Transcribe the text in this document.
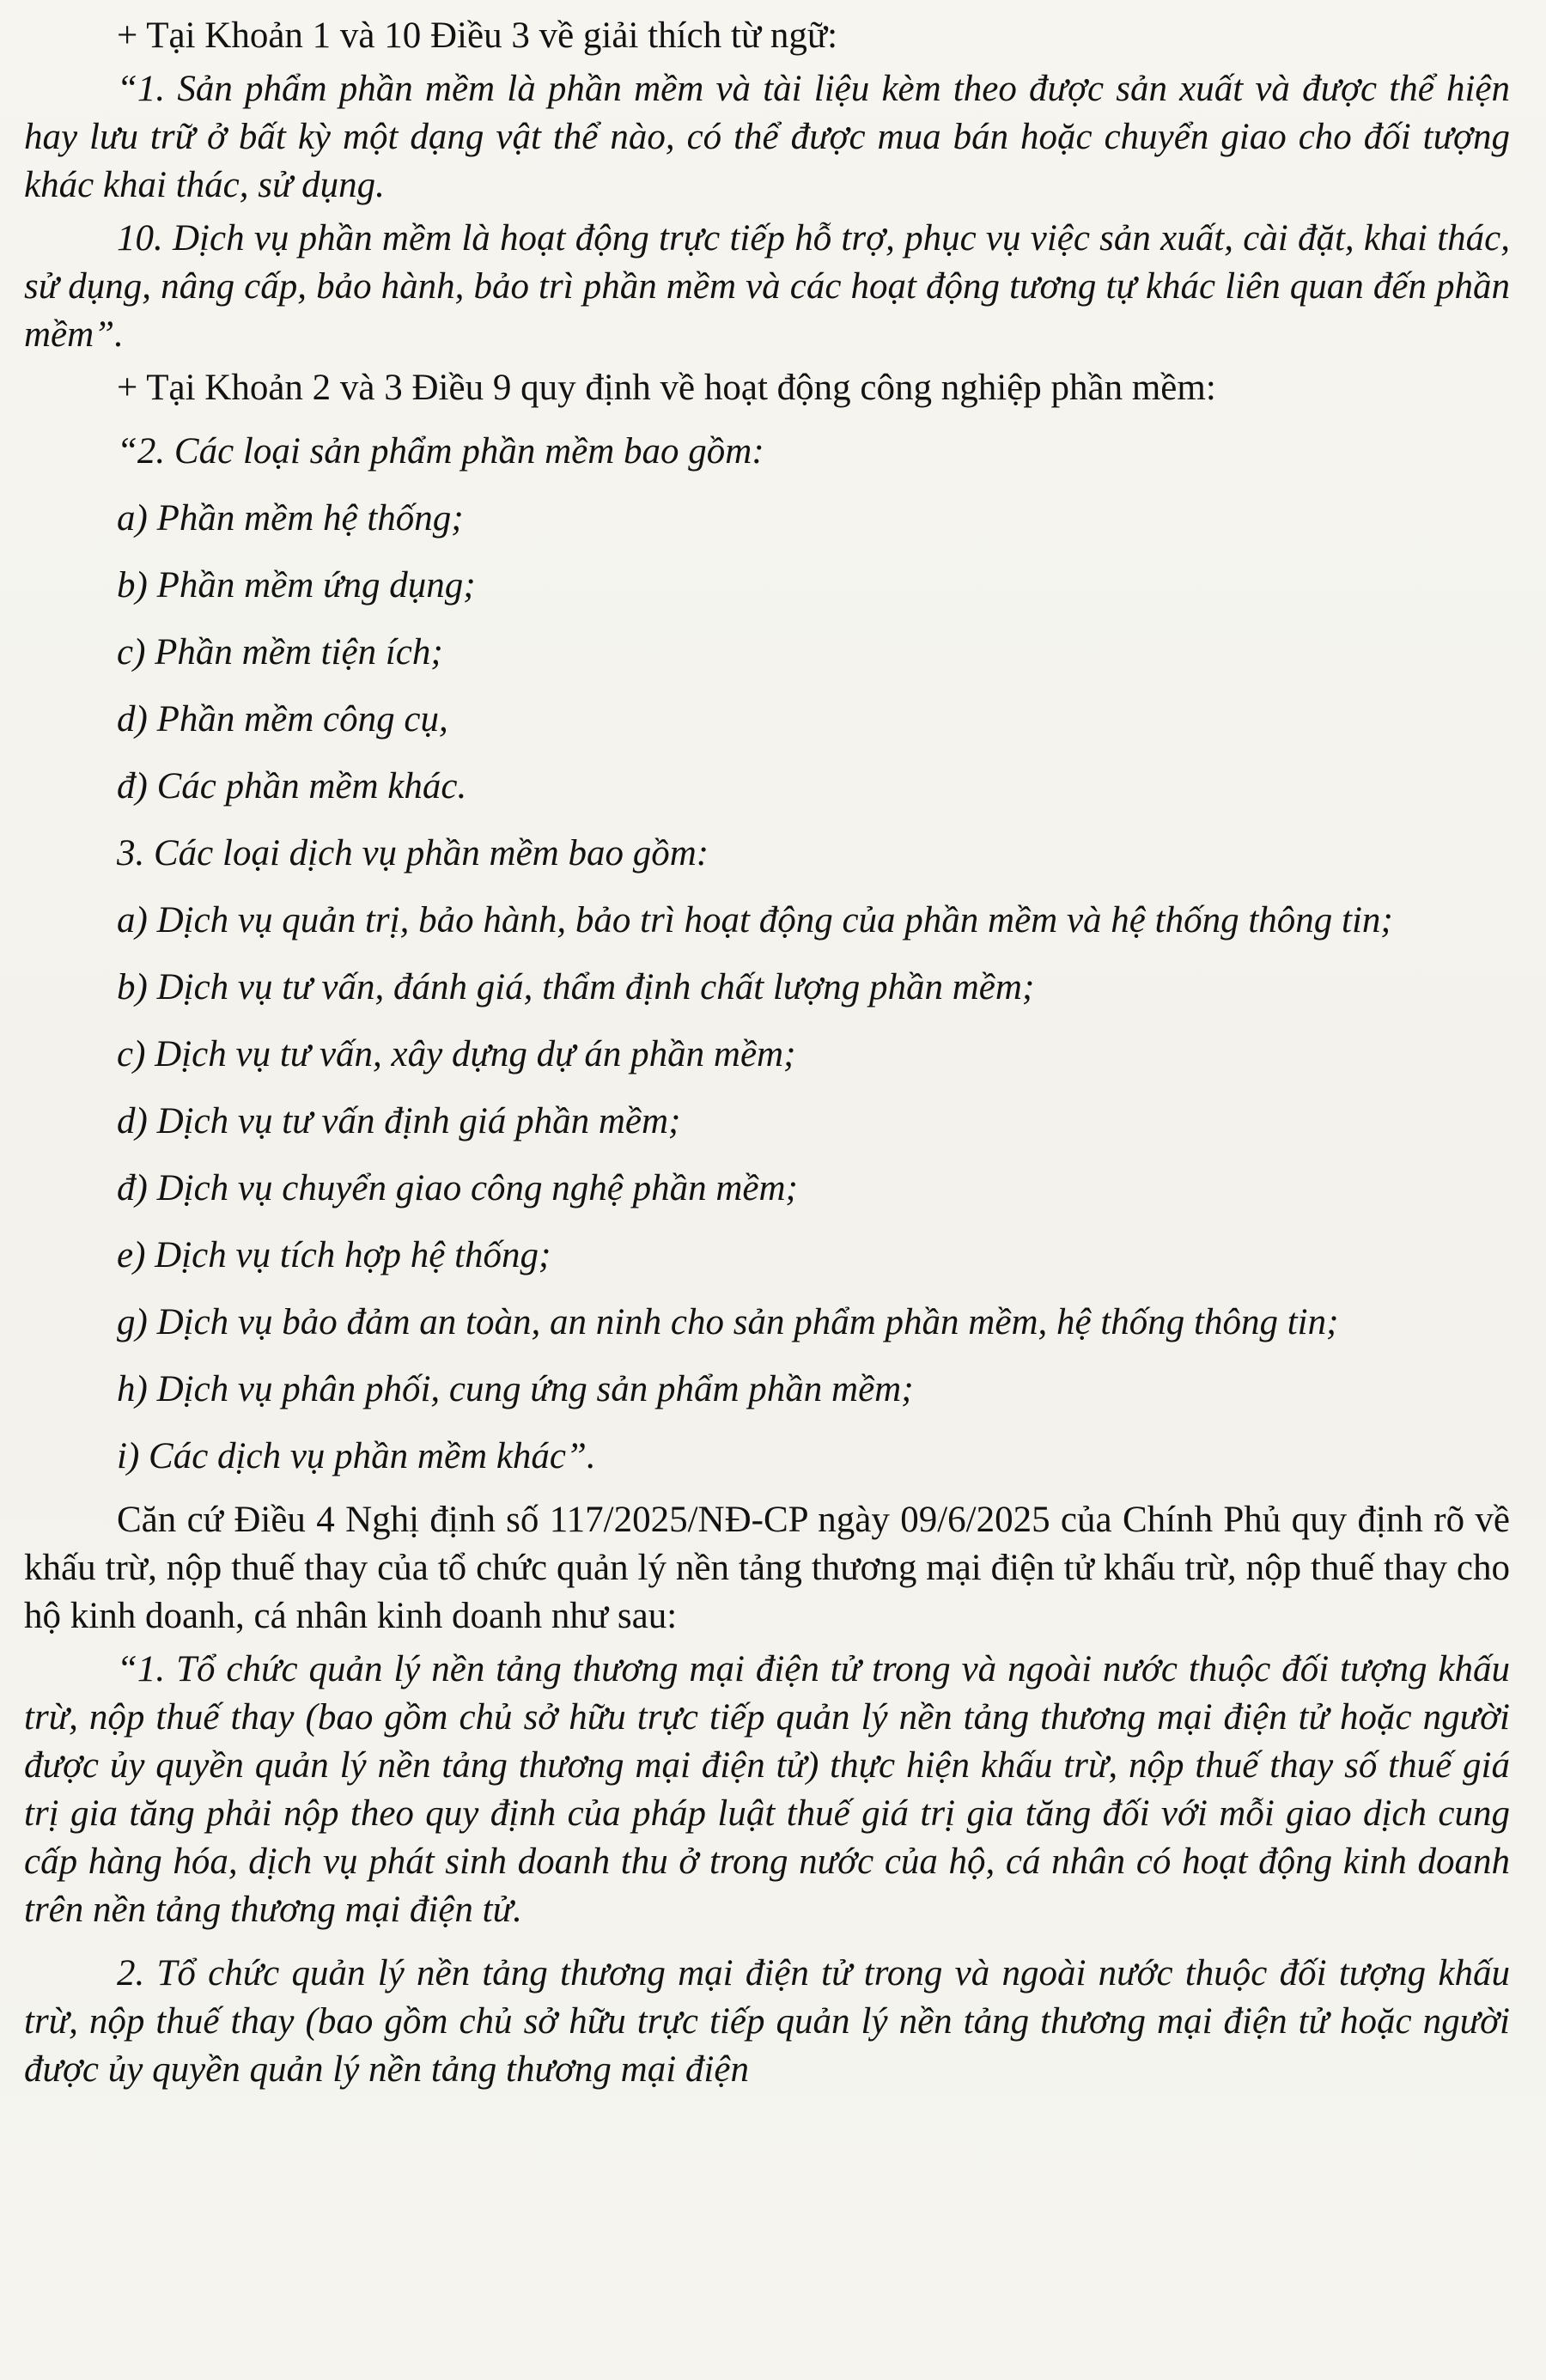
+ Tại Khoản 1 và 10 Điều 3 về giải thích từ ngữ:

“1. Sản phẩm phần mềm là phần mềm và tài liệu kèm theo được sản xuất và được thể hiện hay lưu trữ ở bất kỳ một dạng vật thể nào, có thể được mua bán hoặc chuyển giao cho đối tượng khác khai thác, sử dụng.

10. Dịch vụ phần mềm là hoạt động trực tiếp hỗ trợ, phục vụ việc sản xuất, cài đặt, khai thác, sử dụng, nâng cấp, bảo hành, bảo trì phần mềm và các hoạt động tương tự khác liên quan đến phần mềm”.

+ Tại Khoản 2 và 3 Điều 9 quy định về hoạt động công nghiệp phần mềm:

“2. Các loại sản phẩm phần mềm bao gồm:

a) Phần mềm hệ thống;

b) Phần mềm ứng dụng;

c) Phần mềm tiện ích;

d) Phần mềm công cụ,

đ) Các phần mềm khác.

3. Các loại dịch vụ phần mềm bao gồm:

a) Dịch vụ quản trị, bảo hành, bảo trì hoạt động của phần mềm và hệ thống thông tin;

b) Dịch vụ tư vấn, đánh giá, thẩm định chất lượng phần mềm;

c) Dịch vụ tư vấn, xây dựng dự án phần mềm;

d) Dịch vụ tư vấn định giá phần mềm;

đ) Dịch vụ chuyển giao công nghệ phần mềm;

e) Dịch vụ tích hợp hệ thống;

g) Dịch vụ bảo đảm an toàn, an ninh cho sản phẩm phần mềm, hệ thống thông tin;

h) Dịch vụ phân phối, cung ứng sản phẩm phần mềm;

i) Các dịch vụ phần mềm khác”.

Căn cứ Điều 4 Nghị định số 117/2025/NĐ-CP ngày 09/6/2025 của Chính Phủ quy định rõ về khấu trừ, nộp thuế thay của tổ chức quản lý nền tảng thương mại điện tử khấu trừ, nộp thuế thay cho hộ kinh doanh, cá nhân kinh doanh như sau:

“1. Tổ chức quản lý nền tảng thương mại điện tử trong và ngoài nước thuộc đối tượng khấu trừ, nộp thuế thay (bao gồm chủ sở hữu trực tiếp quản lý nền tảng thương mại điện tử hoặc người được ủy quyền quản lý nền tảng thương mại điện tử) thực hiện khấu trừ, nộp thuế thay số thuế giá trị gia tăng phải nộp theo quy định của pháp luật thuế giá trị gia tăng đối với mỗi giao dịch cung cấp hàng hóa, dịch vụ phát sinh doanh thu ở trong nước của hộ, cá nhân có hoạt động kinh doanh trên nền tảng thương mại điện tử.

2. Tổ chức quản lý nền tảng thương mại điện tử trong và ngoài nước thuộc đối tượng khấu trừ, nộp thuế thay (bao gồm chủ sở hữu trực tiếp quản lý nền tảng thương mại điện tử hoặc người được ủy quyền quản lý nền tảng thương mại điện
